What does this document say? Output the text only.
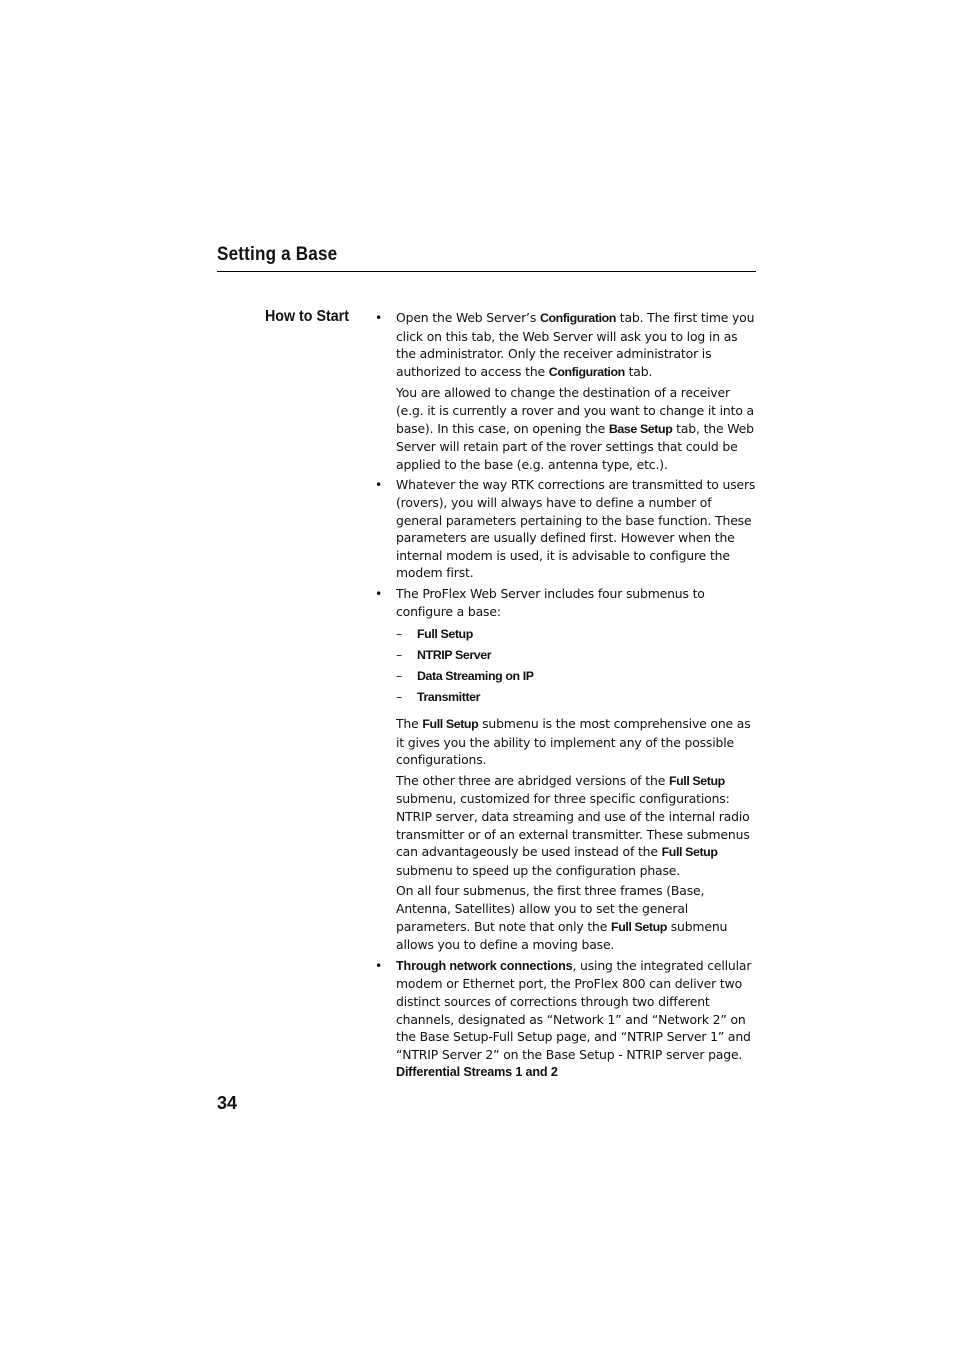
Setting a Base
How to Start • Open the Web Server’s Configuration tab. The first time you click on this tab, the Web Server will ask you to log in as the administrator. Only the receiver administrator is authorized to access the Configuration tab.

You are allowed to change the destination of a receiver (e.g. it is currently a rover and you want to change it into a base). In this case, on opening the Base Setup tab, the Web Server will retain part of the rover settings that could be applied to the base (e.g. antenna type, etc.).

• Whatever the way RTK corrections are transmitted to users (rovers), you will always have to define a number of general parameters pertaining to the base function. These parameters are usually defined first. However when the internal modem is used, it is advisable to configure the modem first.

• The ProFlex Web Server includes four submenus to configure a base:

– Full Setup
– NTRIP Server
– Data Streaming on IP
– Transmitter

The Full Setup submenu is the most comprehensive one as it gives you the ability to implement any of the possible configurations.

The other three are abridged versions of the Full Setup submenu, customized for three specific configurations: NTRIP server, data streaming and use of the internal radio transmitter or of an external transmitter. These submenus can advantageously be used instead of the Full Setup submenu to speed up the configuration phase.

On all four submenus, the first three frames (Base, Antenna, Satellites) allow you to set the general parameters. But note that only the Full Setup submenu allows you to define a moving base.

• Through network connections, using the integrated cellular modem or Ethernet port, the ProFlex 800 can deliver two distinct sources of corrections through two different channels, designated as “Network 1” and “Network 2” on the Base Setup-Full Setup page, and “NTRIP Server 1” and “NTRIP Server 2” on the Base Setup - NTRIP server page. Differential Streams 1 and 2

34
